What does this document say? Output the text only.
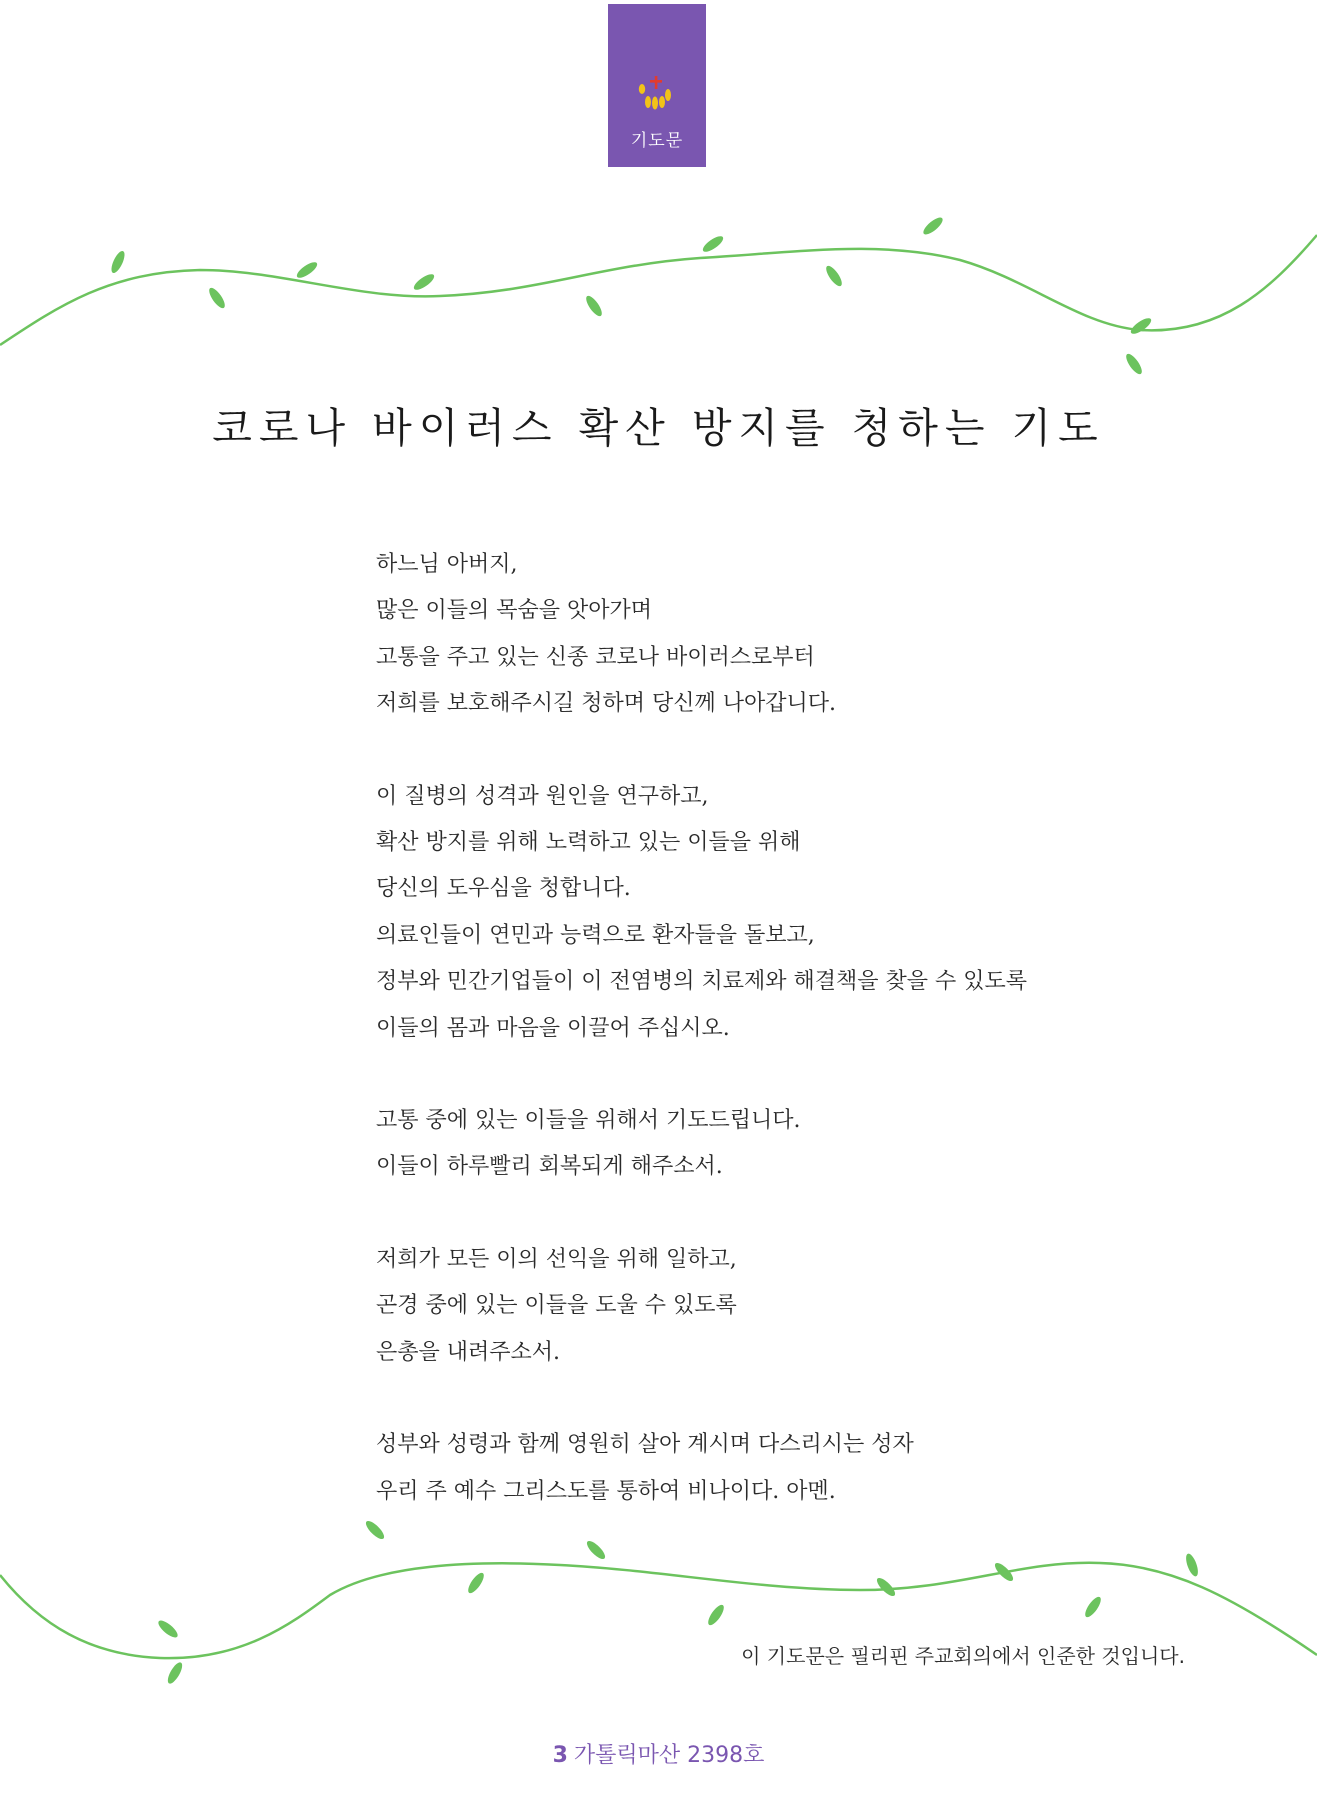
기도문
코로나 바이러스 확산 방지를 청하는 기도
하느님 아버지,
많은 이들의 목숨을 앗아가며
고통을 주고 있는 신종 코로나 바이러스로부터
저희를 보호해주시길 청하며 당신께 나아갑니다.
이 질병의 성격과 원인을 연구하고,
확산 방지를 위해 노력하고 있는 이들을 위해
당신의 도우심을 청합니다.
의료인들이 연민과 능력으로 환자들을 돌보고,
정부와 민간기업들이 이 전염병의 치료제와 해결책을 찾을 수 있도록
이들의 몸과 마음을 이끌어 주십시오.
고통 중에 있는 이들을 위해서 기도드립니다.
이들이 하루빨리 회복되게 해주소서.
저희가 모든 이의 선익을 위해 일하고,
곤경 중에 있는 이들을 도울 수 있도록
은총을 내려주소서.
성부와 성령과 함께 영원히 살아 계시며 다스리시는 성자
우리 주 예수 그리스도를 통하여 비나이다. 아멘.
이 기도문은 필리핀 주교회의에서 인준한 것입니다.
3 가톨릭마산 2398호
